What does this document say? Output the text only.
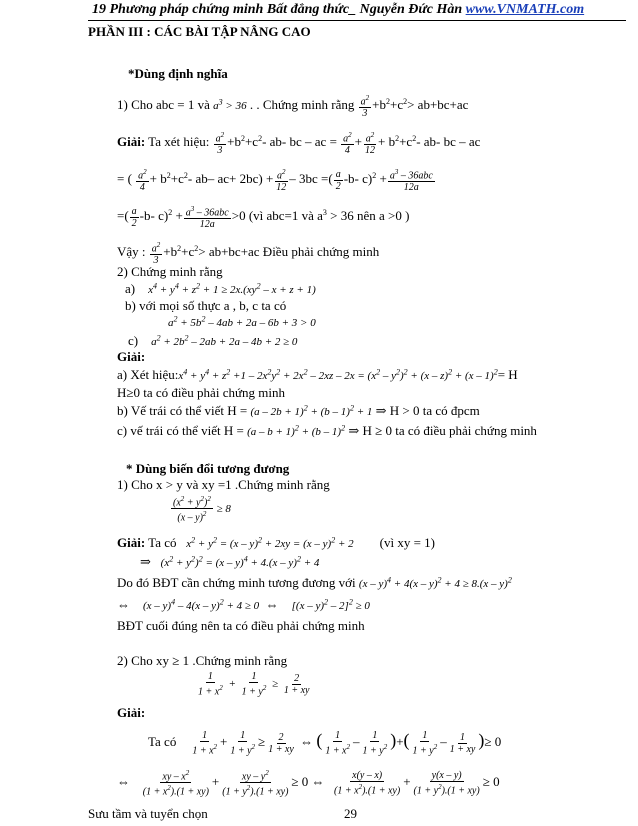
19 Phương pháp chứng minh Bất đẳng thức_ Nguyễn Đức Hàn www.VNMATH.com
PHẦN III : CÁC BÀI TẬP NÂNG CAO
*Dùng định nghĩa
1) Cho abc = 1 và $a^3 > 36$ . . Chứng minh rằng $\frac{a^2}{3} +b^2+c^2> ab+bc+ac$
Giải: Ta xét hiệu: $\frac{a^2}{3} +b^2+c^2-$ ab- bc – ac = $\frac{a^2}{4} + \frac{a^2}{12} + b^2+c^2-$ ab- bc – ac
= ( $\frac{a^2}{4} + b^2+c^2-$ ab– $ac+ 2bc) + \frac{a^2}{12} - 3bc$ =( $\frac{a}{2} -b-$ $c)^2 + \frac{a^3 - 36abc}{12a}$
=( $\frac{a}{2} -b-$ $c)^2 + \frac{a^3 - 36abc}{12a} >0$ (vì abc=1 và $a^3 > 36$ nên a >0 )
Vậy : $\frac{a^2}{3} +b^2+c^2> ab+bc+ac$ Điều phải chứng minh
2) Chứng minh rằng
a)    $x^4 + y^4 + z^2 + 1 \ge 2x.(xy^2 - x + z + 1)$
b) với mọi số thực a , b, c ta có
$a^2 + 5b^2 - 4ab + 2a - 6b + 3 > 0$
c)    $a^2 + 2b^2 - 2ab + 2a - 4b + 2 \ge 0$
Giải:
a) Xét $hiệu:x^4 + y^4 + z^2 +1 - 2x^2y^2 + 2x^2 - 2xz - 2x = (x^2 - y^2)^2 + (x - z)^2 + (x - 1)^2= H$
H≥0 ta có điều phải chứng minh
b) Vế trái có thể viết $H = (a - 2b + 1)^2 + (b - 1)^2 + 1$ ⇒ H > 0 ta có đpcm
c) vế trái có thể viết $H = (a - b + 1)^2 + (b - 1)^2$ ⇒ H ≥ 0 ta có điều phải chứng minh
* Dùng biến đổi tương đương
1) Cho x > y và xy =1 .Chứng minh rằng
$\frac{(x^2 + y^2)^2}{(x - y)^2} \ge 8$
Giải: Ta có   $x^2 + y^2 = (x - y)^2 + 2xy = (x - y)^2 + 2$        (vì xy = 1)
⇒   $(x^2 + y^2)^2 = (x - y)^4 + 4.(x - y)^2 + 4$
Do đó BĐT cần chứng minh tương đương với (x – y)$^4$ + 4(x – y)$^2$ + 4 ≥ 8.(x – y)$^2$
⇔    (x – y)$^4$ – 4(x – y)$^2$ + 4 ≥ 0  ⇔    [(x – y)$^2$ – 2]$^2$ ≥ 0
BĐT cuối đúng nên ta có điều phải chứng minh
2) Cho xy ≥ 1 .Chứng minh rằng
$\frac{1}{1 + x^2} + \frac{1}{1 + y^2} \ge \frac{2}{1 + xy}$
Giải:
Ta có $\frac{1}{1 + x^2} + \frac{1}{1 + y^2} \ge \frac{2}{1 + xy}$ ⇔ ( $\frac{1}{1 + x^2} - \frac{1}{1 + y^2}$ )+( $\frac{1}{1 + y^2} - \frac{1}{1 + xy}$ )≥ 0
⇔ $\frac{xy - x^2}{(1 + x^2).(1 + xy)} + \frac{xy - y^2}{(1 + y^2).(1 + xy)} \ge 0$ ⇔ $\frac{x(y - x)}{(1 + x^2).(1 + xy)} + \frac{y(x - y)}{(1 + y^2).(1 + xy)} \ge 0$
Sưu tầm và tuyển chọn	29
